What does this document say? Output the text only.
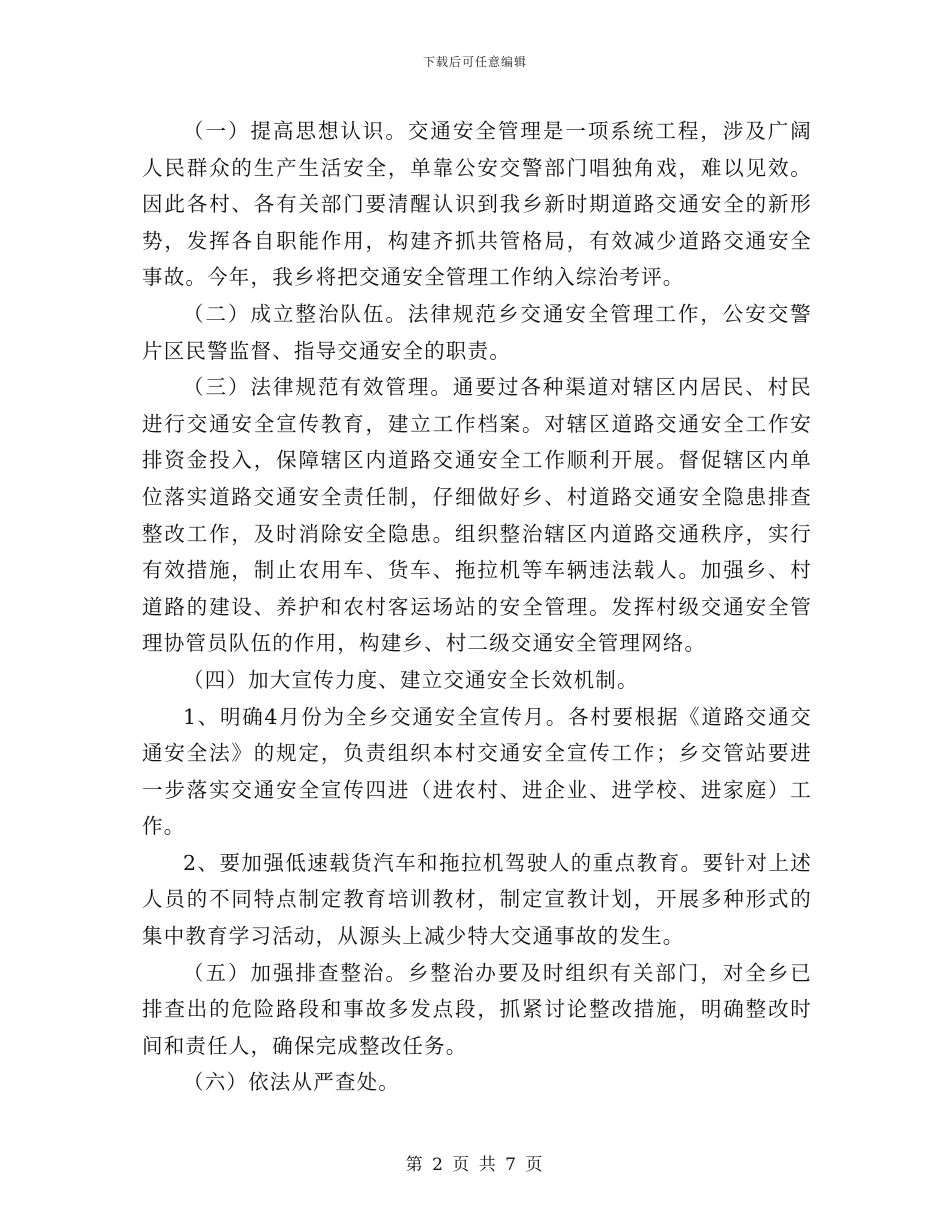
下载后可任意编辑

（一）提高思想认识。交通安全管理是一项系统工程，涉及广阔人民群众的生产生活安全，单靠公安交警部门唱独角戏，难以见效。因此各村、各有关部门要清醒认识到我乡新时期道路交通安全的新形势，发挥各自职能作用，构建齐抓共管格局，有效减少道路交通安全事故。今年，我乡将把交通安全管理工作纳入综治考评。

（二）成立整治队伍。法律规范乡交通安全管理工作，公安交警片区民警监督、指导交通安全的职责。

（三）法律规范有效管理。通要过各种渠道对辖区内居民、村民进行交通安全宣传教育，建立工作档案。对辖区道路交通安全工作安排资金投入，保障辖区内道路交通安全工作顺利开展。督促辖区内单位落实道路交通安全责任制，仔细做好乡、村道路交通安全隐患排查整改工作，及时消除安全隐患。组织整治辖区内道路交通秩序，实行有效措施，制止农用车、货车、拖拉机等车辆违法载人。加强乡、村道路的建设、养护和农村客运场站的安全管理。发挥村级交通安全管理协管员队伍的作用，构建乡、村二级交通安全管理网络。

（四）加大宣传力度、建立交通安全长效机制。

1、明确4月份为全乡交通安全宣传月。各村要根据《道路交通交通安全法》的规定，负责组织本村交通安全宣传工作；乡交管站要进一步落实交通安全宣传四进（进农村、进企业、进学校、进家庭）工作。

2、要加强低速载货汽车和拖拉机驾驶人的重点教育。要针对上述人员的不同特点制定教育培训教材，制定宣教计划，开展多种形式的集中教育学习活动，从源头上减少特大交通事故的发生。

（五）加强排查整治。乡整治办要及时组织有关部门，对全乡已排查出的危险路段和事故多发点段，抓紧讨论整改措施，明确整改时间和责任人，确保完成整改任务。

（六）依法从严查处。

第 2 页 共 7 页
